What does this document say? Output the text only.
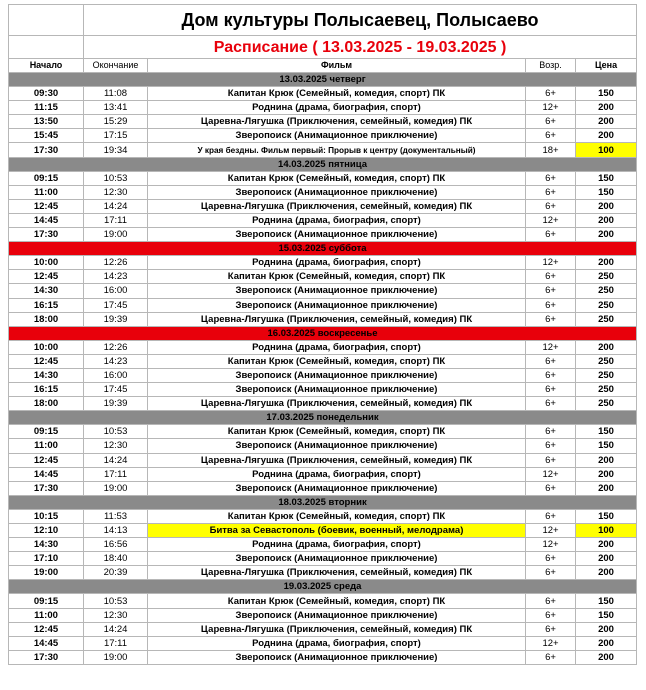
	Дом культуры Полысаевец, Полысаево			
	Расписание ( 13.03.2025 - 19.03.2025 )			
Начало	Окончание	Фильм	Возр.	Цена
13.03.2025 четверг				
09:30	11:08	Капитан Крюк (Семейный, комедия, спорт) ПК	6+	150
11:15	13:41	Роднина (драма, биография, спорт)	12+	200
13:50	15:29	Царевна-Лягушка (Приключения, семейный, комедия) ПК	6+	200
15:45	17:15	Зверопоиск (Анимационное приключение)	6+	200
17:30	19:34	У края бездны. Фильм первый: Прорыв к центру (документальный)	18+	100
14.03.2025 пятница				
09:15	10:53	Капитан Крюк (Семейный, комедия, спорт) ПК	6+	150
11:00	12:30	Зверопоиск (Анимационное приключение)	6+	150
12:45	14:24	Царевна-Лягушка (Приключения, семейный, комедия) ПК	6+	200
14:45	17:11	Роднина (драма, биография, спорт)	12+	200
17:30	19:00	Зверопоиск (Анимационное приключение)	6+	200
15.03.2025 суббота				
10:00	12:26	Роднина (драма, биография, спорт)	12+	200
12:45	14:23	Капитан Крюк (Семейный, комедия, спорт) ПК	6+	250
14:30	16:00	Зверопоиск (Анимационное приключение)	6+	250
16:15	17:45	Зверопоиск (Анимационное приключение)	6+	250
18:00	19:39	Царевна-Лягушка (Приключения, семейный, комедия) ПК	6+	250
16.03.2025 воскресенье				
10:00	12:26	Роднина (драма, биография, спорт)	12+	200
12:45	14:23	Капитан Крюк (Семейный, комедия, спорт) ПК	6+	250
14:30	16:00	Зверопоиск (Анимационное приключение)	6+	250
16:15	17:45	Зверопоиск (Анимационное приключение)	6+	250
18:00	19:39	Царевна-Лягушка (Приключения, семейный, комедия) ПК	6+	250
17.03.2025 понедельник				
09:15	10:53	Капитан Крюк (Семейный, комедия, спорт) ПК	6+	150
11:00	12:30	Зверопоиск (Анимационное приключение)	6+	150
12:45	14:24	Царевна-Лягушка (Приключения, семейный, комедия) ПК	6+	200
14:45	17:11	Роднина (драма, биография, спорт)	12+	200
17:30	19:00	Зверопоиск (Анимационное приключение)	6+	200
18.03.2025 вторник				
10:15	11:53	Капитан Крюк (Семейный, комедия, спорт) ПК	6+	150
12:10	14:13	Битва за Севастополь (боевик, военный, мелодрама)	12+	100
14:30	16:56	Роднина (драма, биография, спорт)	12+	200
17:10	18:40	Зверопоиск (Анимационное приключение)	6+	200
19:00	20:39	Царевна-Лягушка (Приключения, семейный, комедия) ПК	6+	200
19.03.2025 среда				
09:15	10:53	Капитан Крюк (Семейный, комедия, спорт) ПК	6+	150
11:00	12:30	Зверопоиск (Анимационное приключение)	6+	150
12:45	14:24	Царевна-Лягушка (Приключения, семейный, комедия) ПК	6+	200
14:45	17:11	Роднина (драма, биография, спорт)	12+	200
17:30	19:00	Зверопоиск (Анимационное приключение)	6+	200
